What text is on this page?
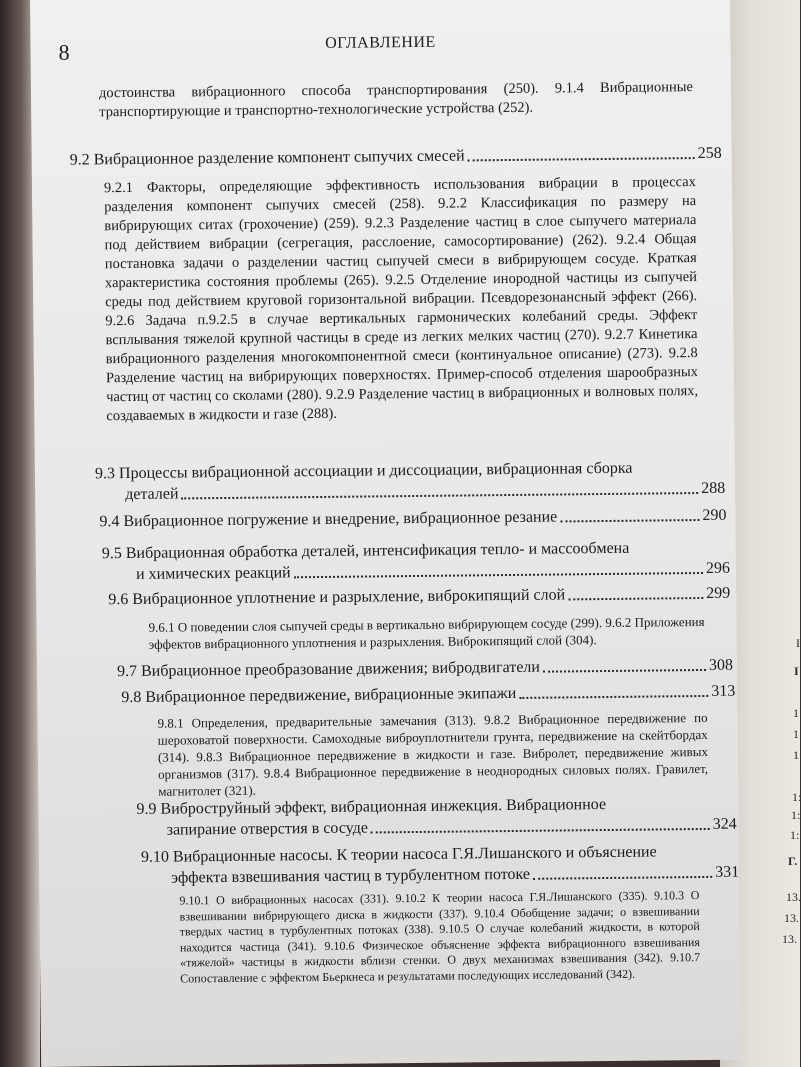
I
I
1
1
1
1:
1:
1:
Г.
13.
13.
13.
8	ОГЛАВЛЕНИЕ
достоинства вибрационного способа транспортирования (250). 9.1.4 Вибрационные транспортирующие и транспортно-технологические устройства (252).
9.2 Вибрационное разделение компонент сыпучих смесей	258
9.2.1 Факторы, определяющие эффективность использования вибрации в процессах разделения компонент сыпучих смесей (258). 9.2.2 Классификация по размеру на вибрирующих ситах (грохочение) (259). 9.2.3 Разделение частиц в слое сыпучего материала под действием вибрации (сегрегация, расслоение, самосортирование) (262). 9.2.4 Общая постановка задачи о разделении частиц сыпучей смеси в вибрирующем сосуде. Краткая характеристика состояния проблемы (265). 9.2.5 Отделение инородной частицы из сыпучей среды под действием круговой горизонтальной вибрации. Псевдорезонансный эффект (266). 9.2.6 Задача п.9.2.5 в случае вертикальных гармонических колебаний среды. Эффект всплывания тяжелой крупной частицы в среде из легких мелких частиц (270). 9.2.7 Кинетика вибрационного разделения многокомпонентной смеси (континуальное описание) (273). 9.2.8 Разделение частиц на вибрирующих поверхностях. Пример-способ отделения шарообразных частиц от частиц со сколами (280). 9.2.9 Разделение частиц в вибрационных и волновых полях, создаваемых в жидкости и газе (288).
9.3 Процессы вибрационной ассоциации и диссоциации, вибрационная сборка
деталей	288
9.4 Вибрационное погружение и внедрение, вибрационное резание	290
9.5 Вибрационная обработка деталей, интенсификация тепло- и массообмена
и химических реакций	296
9.6 Вибрационное уплотнение и разрыхление, виброкипящий слой	299
9.6.1 О поведении слоя сыпучей среды в вертикально вибрирующем сосуде (299). 9.6.2 Приложения эффектов вибрационного уплотнения и разрыхления. Виброкипящий слой (304).
9.7 Вибрационное преобразование движения; вибродвигатели	308
9.8 Вибрационное передвижение, вибрационные экипажи	313
9.8.1 Определения, предварительные замечания (313). 9.8.2 Вибрационное передвижение по шероховатой поверхности. Самоходные виброуплотнители грунта, передвижение на скейтбордах (314). 9.8.3 Вибрационное передвижение в жидкости и газе. Вибролет, передвижение живых организмов (317). 9.8.4 Вибрационное передвижение в неоднородных силовых полях. Гравилет, магнитолет (321).
9.9 Виброструйный эффект, вибрационная инжекция. Вибрационное
запирание отверстия в сосуде	324
9.10 Вибрационные насосы. К теории насоса Г.Я.Лишанского и объяснение
эффекта взвешивания частиц в турбулентном потоке	331
9.10.1 О вибрационных насосах (331). 9.10.2 К теории насоса Г.Я.Лишанского (335). 9.10.3 О взвешивании вибрирующего диска в жидкости (337). 9.10.4 Обобщение задачи; о взвешивании твердых частиц в турбулентных потоках (338). 9.10.5 О случае колебаний жидкости, в которой находится частица (341). 9.10.6 Физическое объяснение эффекта вибрационного взвешивания «тяжелой» частицы в жидкости вблизи стенки. О двух механизмах взвешивания (342). 9.10.7 Сопоставление с эффектом Бьеркнеса и результатами последующих исследований (342).
